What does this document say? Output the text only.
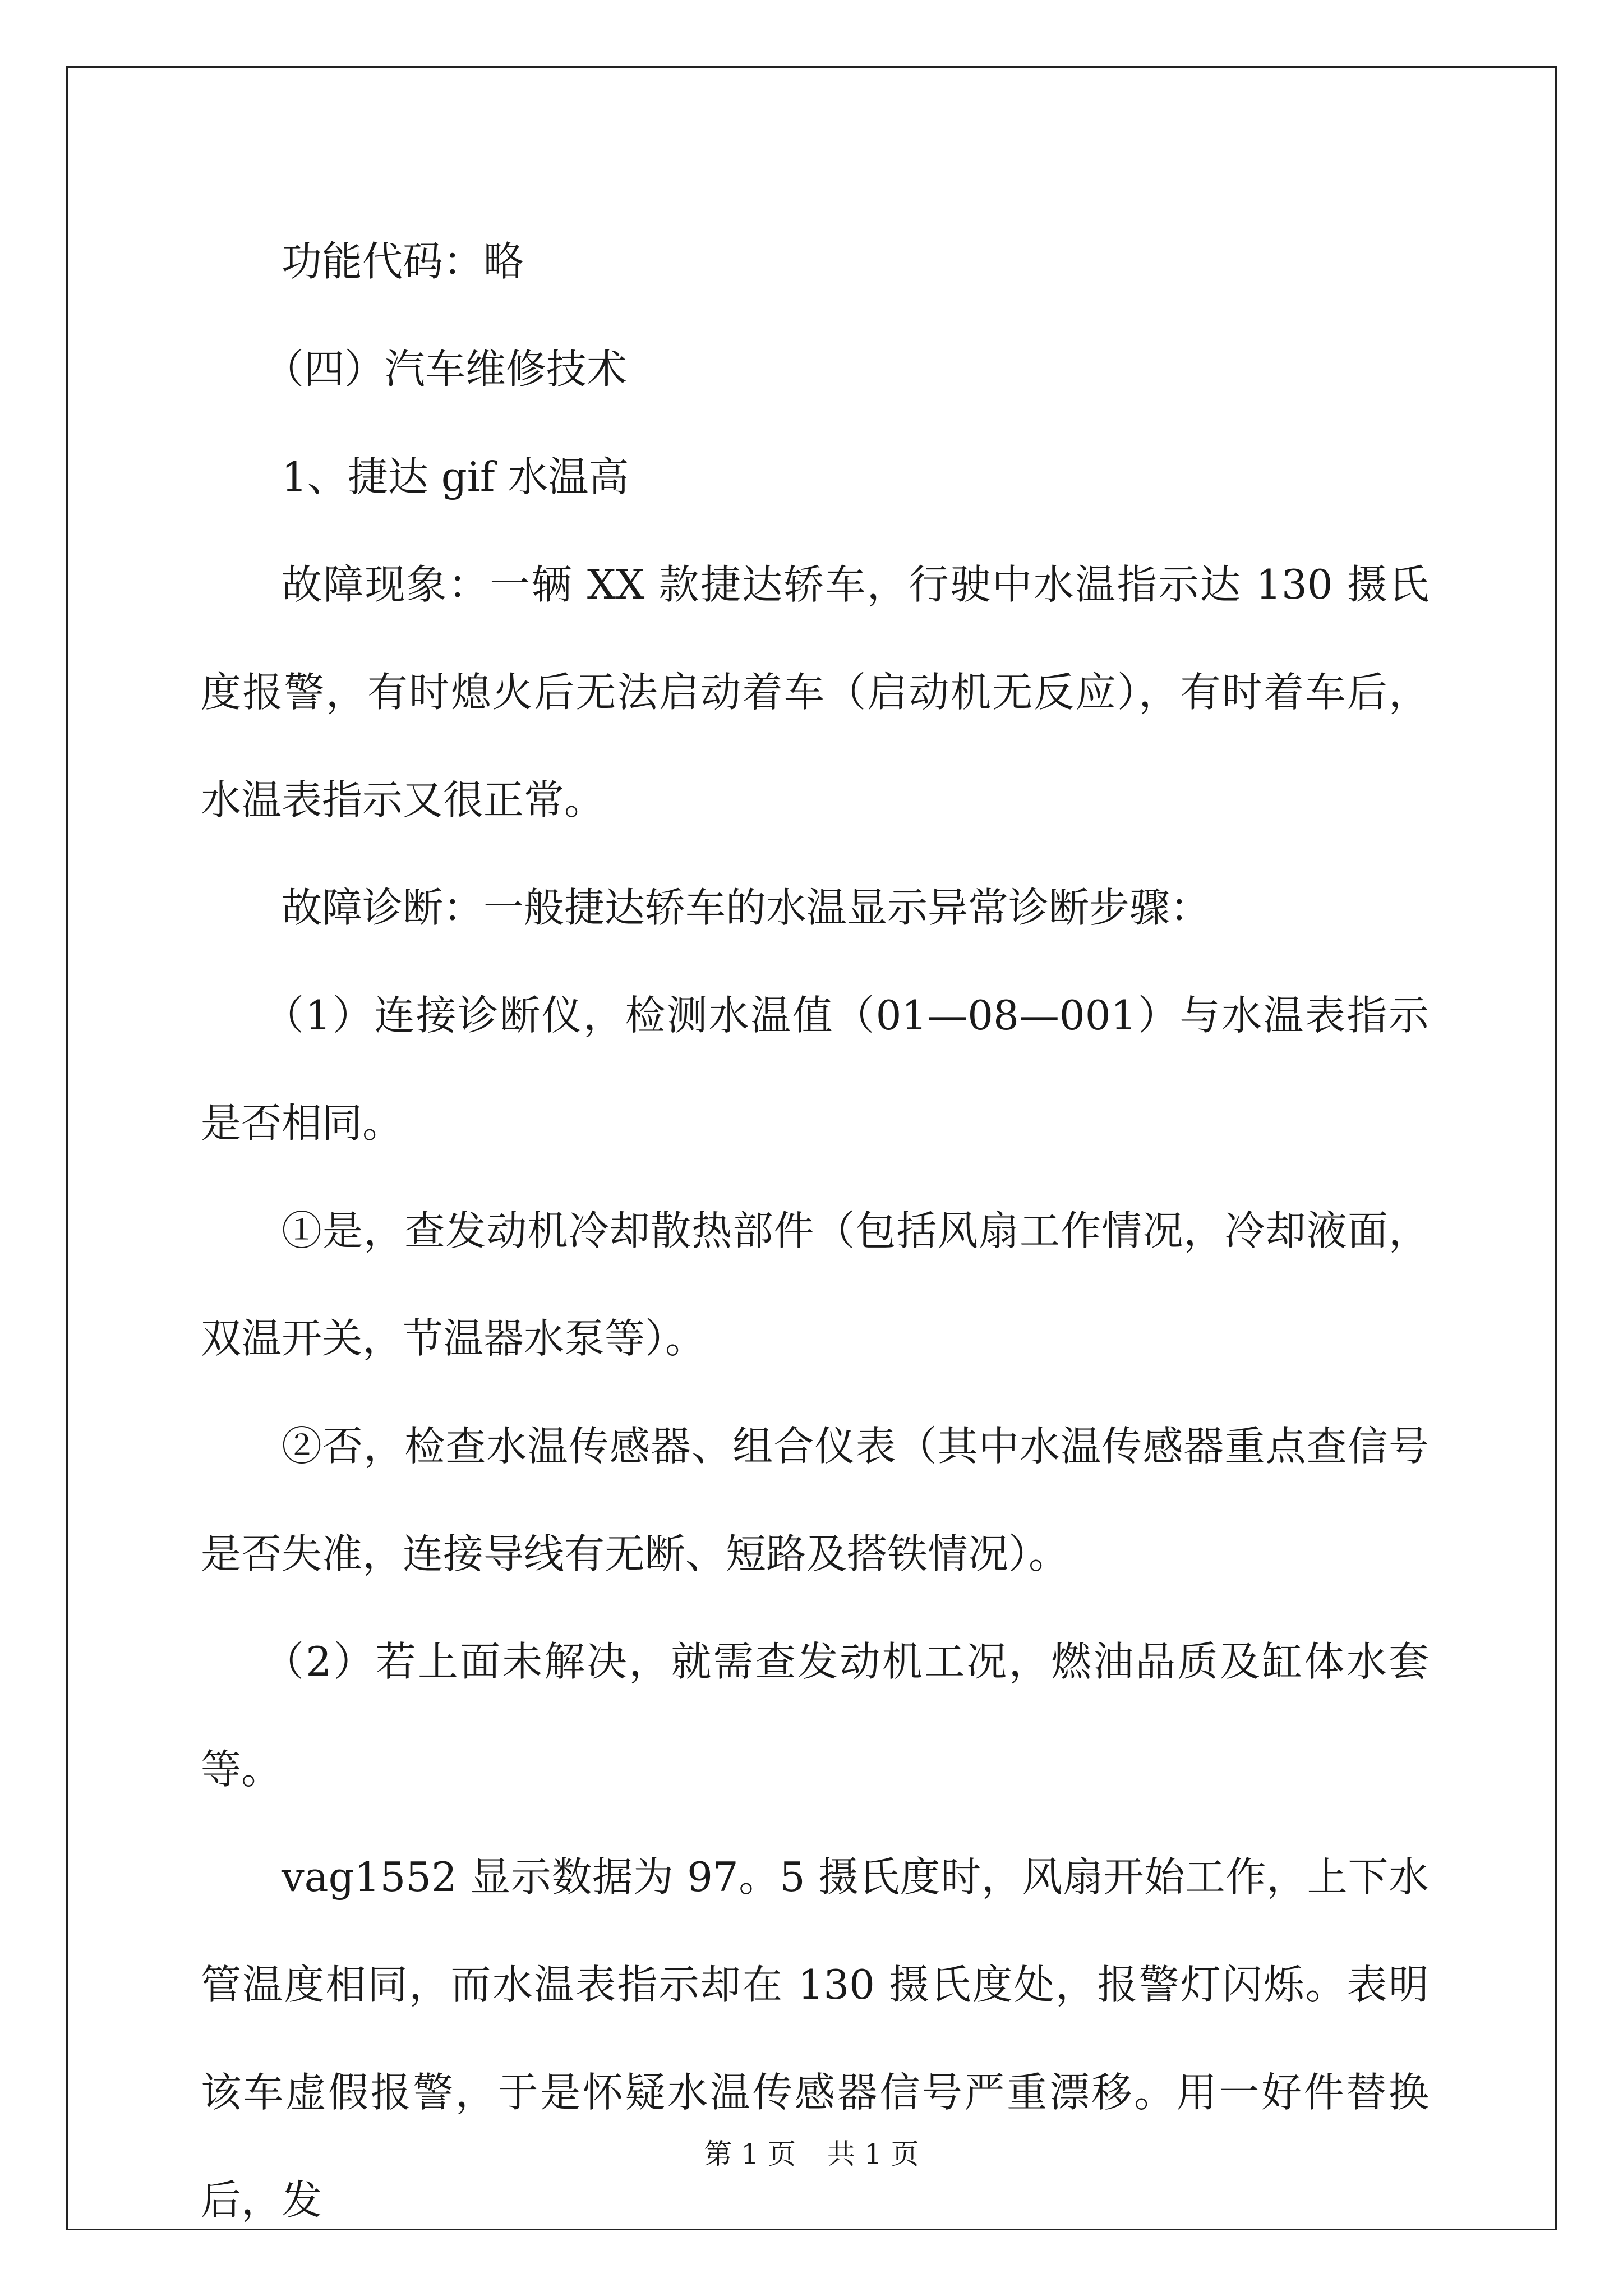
功能代码：略

（四）汽车维修技术

1、捷达 gif 水温高

故障现象：一辆 XX 款捷达轿车，行驶中水温指示达 130 摄氏度报警，有时熄火后无法启动着车（启动机无反应），有时着车后，水温表指示又很正常。

故障诊断：一般捷达轿车的水温显示异常诊断步骤：

（1）连接诊断仪，检测水温值（01—08—001）与水温表指示是否相同。

①是，查发动机冷却散热部件（包括风扇工作情况，冷却液面，双温开关，节温器水泵等）。

②否，检查水温传感器、组合仪表（其中水温传感器重点查信号是否失准，连接导线有无断、短路及搭铁情况）。

（2）若上面未解决，就需查发动机工况，燃油品质及缸体水套等。

vag1552 显示数据为 97。5 摄氏度时，风扇开始工作，上下水管温度相同，而水温表指示却在 130 摄氏度处，报警灯闪烁。表明该车虚假报警，于是怀疑水温传感器信号严重漂移。用一好件替换后，发

第 1 页 共 1 页
